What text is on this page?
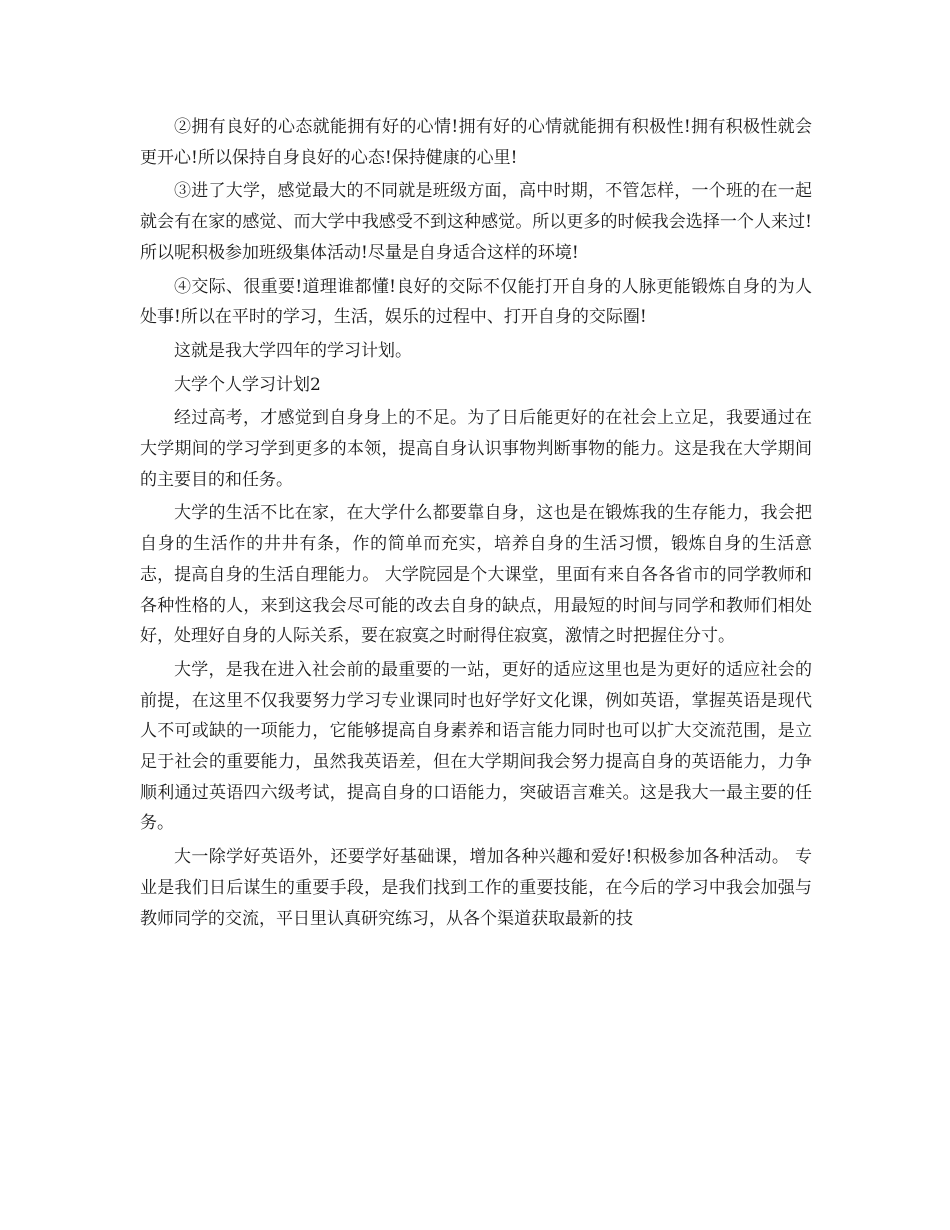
②拥有良好的心态就能拥有好的心情!拥有好的心情就能拥有积极性!拥有积极性就会更开心!所以保持自身良好的心态!保持健康的心里!

③进了大学，感觉最大的不同就是班级方面，高中时期，不管怎样，一个班的在一起就会有在家的感觉、而大学中我感受不到这种感觉。所以更多的时候我会选择一个人来过!所以呢积极参加班级集体活动!尽量是自身适合这样的环境!

④交际、很重要!道理谁都懂!良好的交际不仅能打开自身的人脉更能锻炼自身的为人处事!所以在平时的学习，生活，娱乐的过程中、打开自身的交际圈!

这就是我大学四年的学习计划。

大学个人学习计划2

经过高考，才感觉到自身身上的不足。为了日后能更好的在社会上立足，我要通过在大学期间的学习学到更多的本领，提高自身认识事物判断事物的能力。这是我在大学期间的主要目的和任务。

大学的生活不比在家，在大学什么都要靠自身，这也是在锻炼我的生存能力，我会把自身的生活作的井井有条，作的简单而充实，培养自身的生活习惯，锻炼自身的生活意志，提高自身的生活自理能力。 大学院园是个大课堂，里面有来自各各省市的同学教师和各种性格的人，来到这我会尽可能的改去自身的缺点，用最短的时间与同学和教师们相处好，处理好自身的人际关系，要在寂寞之时耐得住寂寞，激情之时把握住分寸。

大学，是我在进入社会前的最重要的一站，更好的适应这里也是为更好的适应社会的前提，在这里不仅我要努力学习专业课同时也好学好文化课，例如英语，掌握英语是现代人不可或缺的一项能力，它能够提高自身素养和语言能力同时也可以扩大交流范围，是立足于社会的重要能力，虽然我英语差，但在大学期间我会努力提高自身的英语能力，力争顺利通过英语四六级考试，提高自身的口语能力，突破语言难关。这是我大一最主要的任务。

大一除学好英语外，还要学好基础课，增加各种兴趣和爱好!积极参加各种活动。 专业是我们日后谋生的重要手段，是我们找到工作的重要技能，在今后的学习中我会加强与教师同学的交流，平日里认真研究练习，从各个渠道获取最新的技
